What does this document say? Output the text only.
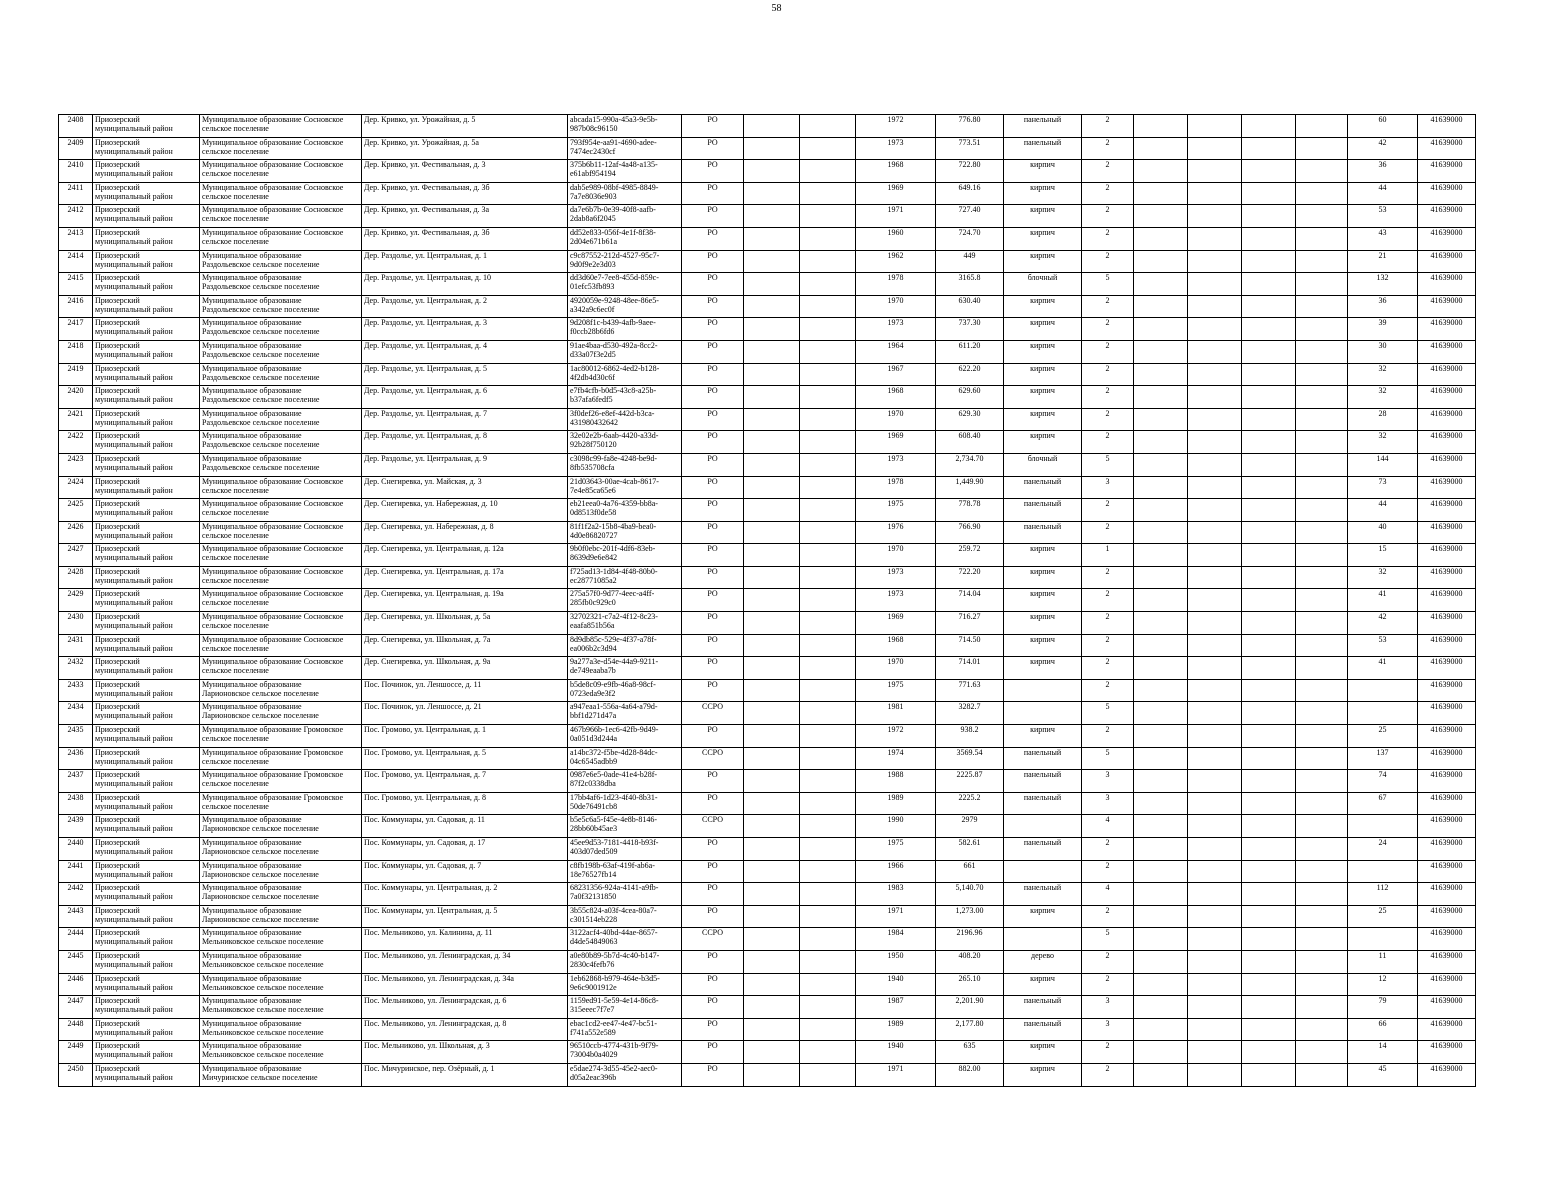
58
2408	Приозерский
муниципальный район	Муниципальное образование Сосновское
сельское поселение	Дер. Кривко, ул. Урожайная, д. 5	abcada15-990a-45a3-9e5b-
987b08c96150	РО			1972	776.80	панельный	2					60	41639000
2409	Приозерский
муниципальный район	Муниципальное образование Сосновское
сельское поселение	Дер. Кривко, ул. Урожайная, д. 5а	793f954e-aa91-4690-adee-
7474ec2430cf	РО			1973	773.51	панельный	2					42	41639000
2410	Приозерский
муниципальный район	Муниципальное образование Сосновское
сельское поселение	Дер. Кривко, ул. Фестивальная, д. 3	375b6b11-12af-4a48-a135-
e61abf954194	РО			1968	722.80	кирпич	2					36	41639000
2411	Приозерский
муниципальный район	Муниципальное образование Сосновское
сельское поселение	Дер. Кривко, ул. Фестивальная, д. 3б	dab5e989-08bf-4985-8849-
7a7e8036e903	РО			1969	649.16	кирпич	2					44	41639000
2412	Приозерский
муниципальный район	Муниципальное образование Сосновское
сельское поселение	Дер. Кривко, ул. Фестивальная, д. 3а	da7e6b7b-0e39-40f8-aafb-
2dab8a6f2045	РО			1971	727.40	кирпич	2					53	41639000
2413	Приозерский
муниципальный район	Муниципальное образование Сосновское
сельское поселение	Дер. Кривко, ул. Фестивальная, д. 3б	dd52e833-056f-4e1f-8f38-
2d04e671b61a	РО			1960	724.70	кирпич	2					43	41639000
2414	Приозерский
муниципальный район	Муниципальное образование
Раздольевское сельское поселение	Дер. Раздолье, ул. Центральная, д. 1	c9c87552-212d-4527-95c7-
9d0f9e2e3d03	РО			1962	449	кирпич	2					21	41639000
2415	Приозерский
муниципальный район	Муниципальное образование
Раздольевское сельское поселение	Дер. Раздолье, ул. Центральная, д. 10	dd3d60e7-7ee8-455d-859c-
01efc53fb893	РО			1978	3165.8	блочный	5					132	41639000
2416	Приозерский
муниципальный район	Муниципальное образование
Раздольевское сельское поселение	Дер. Раздолье, ул. Центральная, д. 2	4920059e-9248-48ee-86e5-
a342a9c6ec0f	РО			1970	630.40	кирпич	2					36	41639000
2417	Приозерский
муниципальный район	Муниципальное образование
Раздольевское сельское поселение	Дер. Раздолье, ул. Центральная, д. 3	9d208f1c-b439-4afb-9aee-
f0ccb28b6fd6	РО			1973	737.30	кирпич	2					39	41639000
2418	Приозерский
муниципальный район	Муниципальное образование
Раздольевское сельское поселение	Дер. Раздолье, ул. Центральная, д. 4	91ae4baa-d530-492a-8cc2-
d33a07f3e2d5	РО			1964	611.20	кирпич	2					30	41639000
2419	Приозерский
муниципальный район	Муниципальное образование
Раздольевское сельское поселение	Дер. Раздолье, ул. Центральная, д. 5	1ac80012-6862-4ed2-b128-
4f2db4d30c6f	РО			1967	622.20	кирпич	2					32	41639000
2420	Приозерский
муниципальный район	Муниципальное образование
Раздольевское сельское поселение	Дер. Раздолье, ул. Центральная, д. 6	e7fb4cfb-b0d5-43c8-a25b-
b37afa6fedf5	РО			1968	629.60	кирпич	2					32	41639000
2421	Приозерский
муниципальный район	Муниципальное образование
Раздольевское сельское поселение	Дер. Раздолье, ул. Центральная, д. 7	3f0def26-e8ef-442d-b3ca-
431980432642	РО			1970	629.30	кирпич	2					28	41639000
2422	Приозерский
муниципальный район	Муниципальное образование
Раздольевское сельское поселение	Дер. Раздолье, ул. Центральная, д. 8	32e02e2b-6aab-4420-a33d-
92b28f750120	РО			1969	608.40	кирпич	2					32	41639000
2423	Приозерский
муниципальный район	Муниципальное образование
Раздольевское сельское поселение	Дер. Раздолье, ул. Центральная, д. 9	c3098c99-fa8e-4248-be9d-
8fb535708cfa	РО			1973	2,734.70	блочный	5					144	41639000
2424	Приозерский
муниципальный район	Муниципальное образование Сосновское
сельское поселение	Дер. Снегиревка, ул. Майская, д. 3	21d03643-00ae-4cab-8617-
7e4e85ca65e6	РО			1978	1,449.90	панельный	3					73	41639000
2425	Приозерский
муниципальный район	Муниципальное образование Сосновское
сельское поселение	Дер. Снегиревка, ул. Набережная, д. 10	eb21eea0-4a76-4359-bb8a-
0d8513f0de58	РО			1975	778.78	панельный	2					44	41639000
2426	Приозерский
муниципальный район	Муниципальное образование Сосновское
сельское поселение	Дер. Снегиревка, ул. Набережная, д. 8	81f1f2a2-15b8-4ba9-bea0-
4d0e86820727	РО			1976	766.90	панельный	2					40	41639000
2427	Приозерский
муниципальный район	Муниципальное образование Сосновское
сельское поселение	Дер. Снегиревка, ул. Центральная, д. 12а	9b0f0ebc-201f-4df6-83eb-
8639d9e6e842	РО			1970	259.72	кирпич	1					15	41639000
2428	Приозерский
муниципальный район	Муниципальное образование Сосновское
сельское поселение	Дер. Снегиревка, ул. Центральная, д. 17а	f725ad13-1d84-4f48-80b0-
ec28771085a2	РО			1973	722.20	кирпич	2					32	41639000
2429	Приозерский
муниципальный район	Муниципальное образование Сосновское
сельское поселение	Дер. Снегиревка, ул. Центральная, д. 19а	275a57f0-9d77-4eec-a4ff-
285fb0c929c0	РО			1973	714.04	кирпич	2					41	41639000
2430	Приозерский
муниципальный район	Муниципальное образование Сосновское
сельское поселение	Дер. Снегиревка, ул. Школьная, д. 5а	32702321-c7a2-4f12-8c23-
eaafa851b56a	РО			1969	716.27	кирпич	2					42	41639000
2431	Приозерский
муниципальный район	Муниципальное образование Сосновское
сельское поселение	Дер. Снегиревка, ул. Школьная, д. 7а	8d9db85c-529e-4f37-a78f-
ea006b2c3d94	РО			1968	714.50	кирпич	2					53	41639000
2432	Приозерский
муниципальный район	Муниципальное образование Сосновское
сельское поселение	Дер. Снегиревка, ул. Школьная, д. 9а	9a277a3e-d54e-44a9-9211-
de749eaaba7b	РО			1970	714.01	кирпич	2					41	41639000
2433	Приозерский
муниципальный район	Муниципальное образование
Ларионовское сельское поселение	Пос. Починок, ул. Леншоссе, д. 11	b5de8c09-e9fb-46a8-98cf-
0723eda9e3f2	РО			1975	771.63		2						41639000
2434	Приозерский
муниципальный район	Муниципальное образование
Ларионовское сельское поселение	Пос. Починок, ул. Леншоссе, д. 21	a947eaa1-556a-4a64-a79d-
bbf1d271d47a	ССРО			1981	3282.7		5						41639000
2435	Приозерский
муниципальный район	Муниципальное образование Громовское
сельское поселение	Пос. Громово, ул. Центральная, д. 1	467b966b-1ec6-42fb-9d49-
0a051d3d244a	РО			1972	938.2	кирпич	2					25	41639000
2436	Приозерский
муниципальный район	Муниципальное образование Громовское
сельское поселение	Пос. Громово, ул. Центральная, д. 5	a14bc372-f5be-4d28-84dc-
04c6545adbb9	ССРО			1974	3569.54	панельный	5					137	41639000
2437	Приозерский
муниципальный район	Муниципальное образование Громовское
сельское поселение	Пос. Громово, ул. Центральная, д. 7	0987e6e5-0ade-41e4-b28f-
87f2c0338dba	РО			1988	2225.87	панельный	3					74	41639000
2438	Приозерский
муниципальный район	Муниципальное образование Громовское
сельское поселение	Пос. Громово, ул. Центральная, д. 8	17bb4af6-1d23-4f40-8b31-
50de76491cb8	РО			1989	2225.2	панельный	3					67	41639000
2439	Приозерский
муниципальный район	Муниципальное образование
Ларионовское сельское поселение	Пос. Коммунары, ул. Садовая, д. 11	b5e5c6a5-f45e-4e8b-8146-
28bb60b45ae3	ССРО			1990	2979		4						41639000
2440	Приозерский
муниципальный район	Муниципальное образование
Ларионовское сельское поселение	Пос. Коммунары, ул. Садовая, д. 17	45ee9d53-7181-4418-b93f-
403d07ded509	РО			1975	582.61	панельный	2					24	41639000
2441	Приозерский
муниципальный район	Муниципальное образование
Ларионовское сельское поселение	Пос. Коммунары, ул. Садовая, д. 7	c8fb198b-63af-419f-ab6a-
18e76527fb14	РО			1966	661		2						41639000
2442	Приозерский
муниципальный район	Муниципальное образование
Ларионовское сельское поселение	Пос. Коммунары, ул. Центральная, д. 2	68231356-924a-4141-a9fb-
7a0f32131850	РО			1983	5,140.70	панельный	4					112	41639000
2443	Приозерский
муниципальный район	Муниципальное образование
Ларионовское сельское поселение	Пос. Коммунары, ул. Центральная, д. 5	3b55c824-a03f-4cea-80a7-
c301514eb228	РО			1971	1,273.00	кирпич	2					25	41639000
2444	Приозерский
муниципальный район	Муниципальное образование
Мельниковское сельское поселение	Пос. Мельниково, ул. Калинина, д. 11	3122acf4-40bd-44ae-8657-
d4de54849063	ССРО			1984	2196.96		5						41639000
2445	Приозерский
муниципальный район	Муниципальное образование
Мельниковское сельское поселение	Пос. Мельниково, ул. Ленинградская, д. 34	a0e80b89-5b7d-4c40-b147-
2830c4fefb76	РО			1950	408.20	дерево	2					11	41639000
2446	Приозерский
муниципальный район	Муниципальное образование
Мельниковское сельское поселение	Пос. Мельниково, ул. Ленинградская, д. 34а	1eb62868-b979-464e-b3d5-
9e6c9001912e	РО			1940	265.10	кирпич	2					12	41639000
2447	Приозерский
муниципальный район	Муниципальное образование
Мельниковское сельское поселение	Пос. Мельниково, ул. Ленинградская, д. 6	1159ed91-5e59-4e14-86c8-
315eeec7f7e7	РО			1987	2,201.90	панельный	3					79	41639000
2448	Приозерский
муниципальный район	Муниципальное образование
Мельниковское сельское поселение	Пос. Мельниково, ул. Ленинградская, д. 8	ebac1cd2-ee47-4e47-bc51-
f741a552e589	РО			1989	2,177.80	панельный	3					66	41639000
2449	Приозерский
муниципальный район	Муниципальное образование
Мельниковское сельское поселение	Пос. Мельниково, ул. Школьная, д. 3	96510ccb-4774-431b-9f79-
73004b0a4029	РО			1940	635	кирпич	2					14	41639000
2450	Приозерский
муниципальный район	Муниципальное образование
Мичуринское сельское поселение	Пос. Мичуринское, пер. Озёрный, д. 1	e5dae274-3d55-45e2-aec0-
d05a2eac396b	РО			1971	882.00	кирпич	2					45	41639000
